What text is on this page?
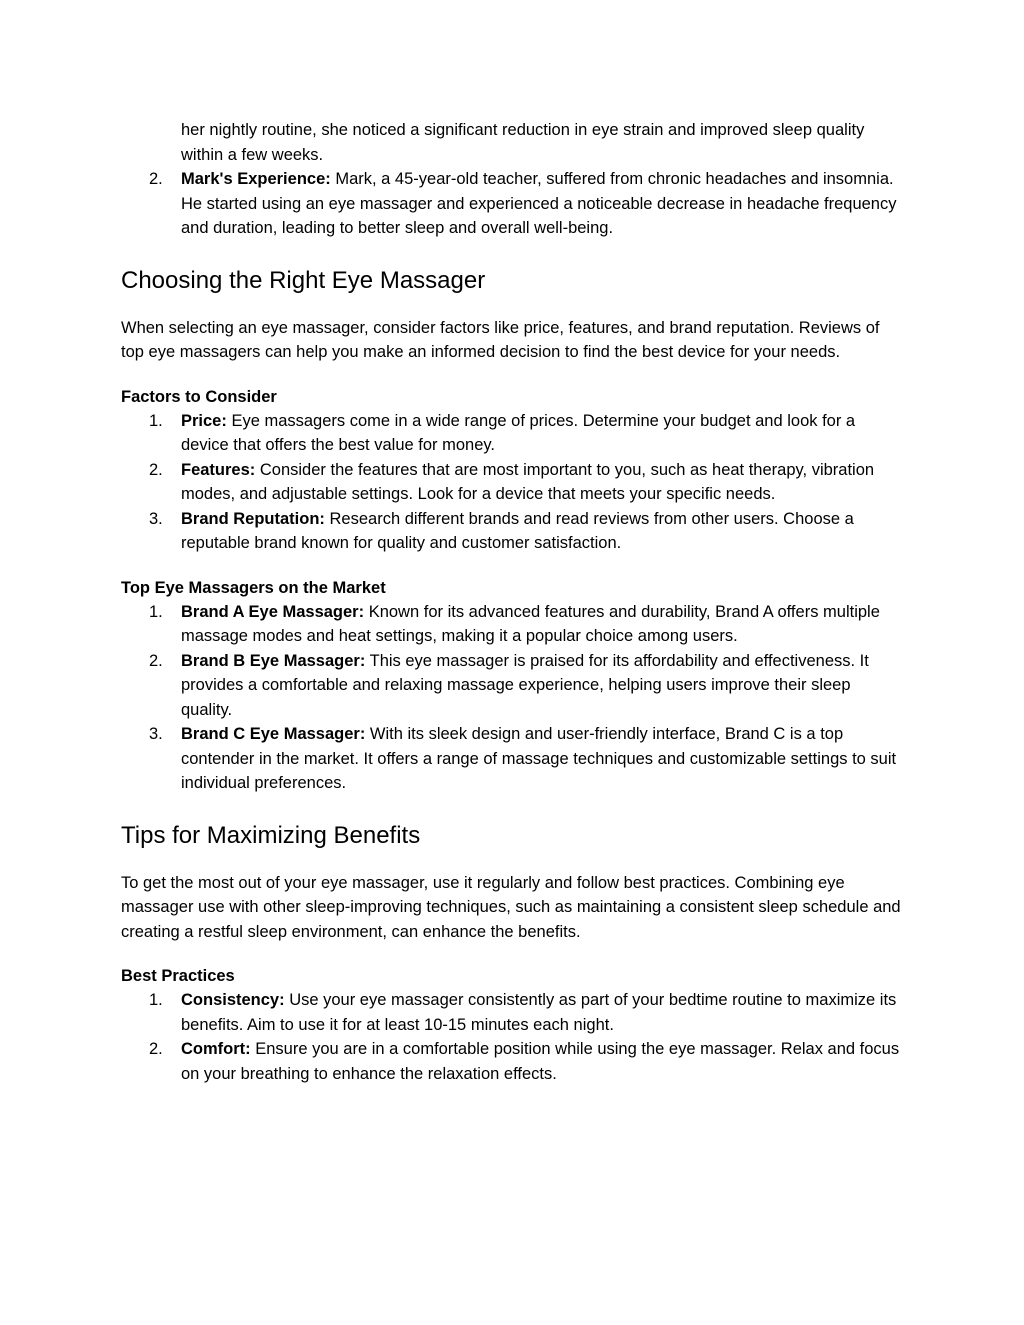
her nightly routine, she noticed a significant reduction in eye strain and improved sleep quality within a few weeks.
2.	Mark's Experience: Mark, a 45-year-old teacher, suffered from chronic headaches and insomnia. He started using an eye massager and experienced a noticeable decrease in headache frequency and duration, leading to better sleep and overall well-being.
Choosing the Right Eye Massager

When selecting an eye massager, consider factors like price, features, and brand reputation. Reviews of top eye massagers can help you make an informed decision to find the best device for your needs.

Factors to Consider
1.	Price: Eye massagers come in a wide range of prices. Determine your budget and look for a device that offers the best value for money.
2.	Features: Consider the features that are most important to you, such as heat therapy, vibration modes, and adjustable settings. Look for a device that meets your specific needs.
3.	Brand Reputation: Research different brands and read reviews from other users. Choose a reputable brand known for quality and customer satisfaction.
Top Eye Massagers on the Market
1.	Brand A Eye Massager: Known for its advanced features and durability, Brand A offers multiple massage modes and heat settings, making it a popular choice among users.
2.	Brand B Eye Massager: This eye massager is praised for its affordability and effectiveness. It provides a comfortable and relaxing massage experience, helping users improve their sleep quality.
3.	Brand C Eye Massager: With its sleek design and user-friendly interface, Brand C is a top contender in the market. It offers a range of massage techniques and customizable settings to suit individual preferences.
Tips for Maximizing Benefits

To get the most out of your eye massager, use it regularly and follow best practices. Combining eye massager use with other sleep-improving techniques, such as maintaining a consistent sleep schedule and creating a restful sleep environment, can enhance the benefits.

Best Practices
1.	Consistency: Use your eye massager consistently as part of your bedtime routine to maximize its benefits. Aim to use it for at least 10-15 minutes each night.
2.	Comfort: Ensure you are in a comfortable position while using the eye massager. Relax and focus on your breathing to enhance the relaxation effects.
